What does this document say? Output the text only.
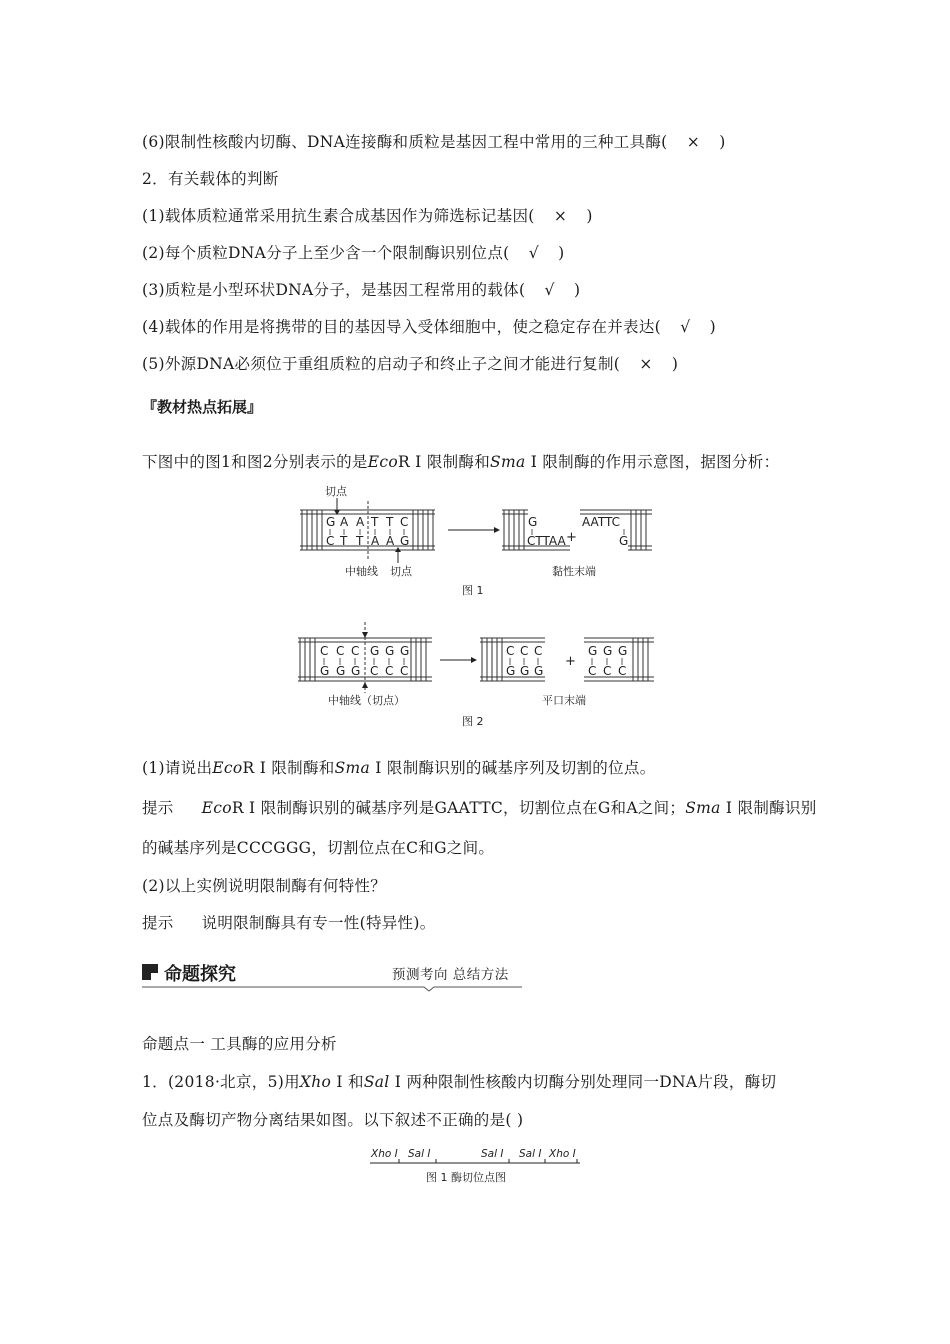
(6)限制性核酸内切酶、DNA连接酶和质粒是基因工程中常用的三种工具酶( × )
2．有关载体的判断
(1)载体质粒通常采用抗生素合成基因作为筛选标记基因( × )
(2)每个质粒DNA分子上至少含一个限制酶识别位点( √ )
(3)质粒是小型环状DNA分子，是基因工程常用的载体( √ )
(4)载体的作用是将携带的目的基因导入受体细胞中，使之稳定存在并表达( √ )
(5)外源DNA必须位于重组质粒的启动子和终止子之间才能进行复制( × )
『教材热点拓展』
下图中的图1和图2分别表示的是EcoR Ⅰ 限制酶和Sma Ⅰ 限制酶的作用示意图，据图分析：
G A A T T C
C T T A A G
切点
中轴线 切点
G
CTTAA +
AATTC
G
黏性末端
图 1
C C C G G G
G G G C C C
中轴线（切点）
C C C
G G G
+
G G G
C C C
平口末端
图 2
(1)请说出EcoR Ⅰ 限制酶和Sma Ⅰ 限制酶识别的碱基序列及切割的位点。
提示 EcoR Ⅰ 限制酶识别的碱基序列是GAATTC，切割位点在G和A之间；Sma Ⅰ 限制酶识别
的碱基序列是CCCGGG，切割位点在C和G之间。
(2)以上实例说明限制酶有何特性？
提示 说明限制酶具有专一性(特异性)。
命题探究	预测考向 总结方法
命题点一 工具酶的应用分析
1．(2018·北京，5)用Xho Ⅰ 和Sal Ⅰ 两种限制性核酸内切酶分别处理同一DNA片段，酶切
位点及酶切产物分离结果如图。以下叙述不正确的是( )
Xho Ⅰ Sal Ⅰ	Sal Ⅰ Sal Ⅰ Xho Ⅰ
图 1 酶切位点图
